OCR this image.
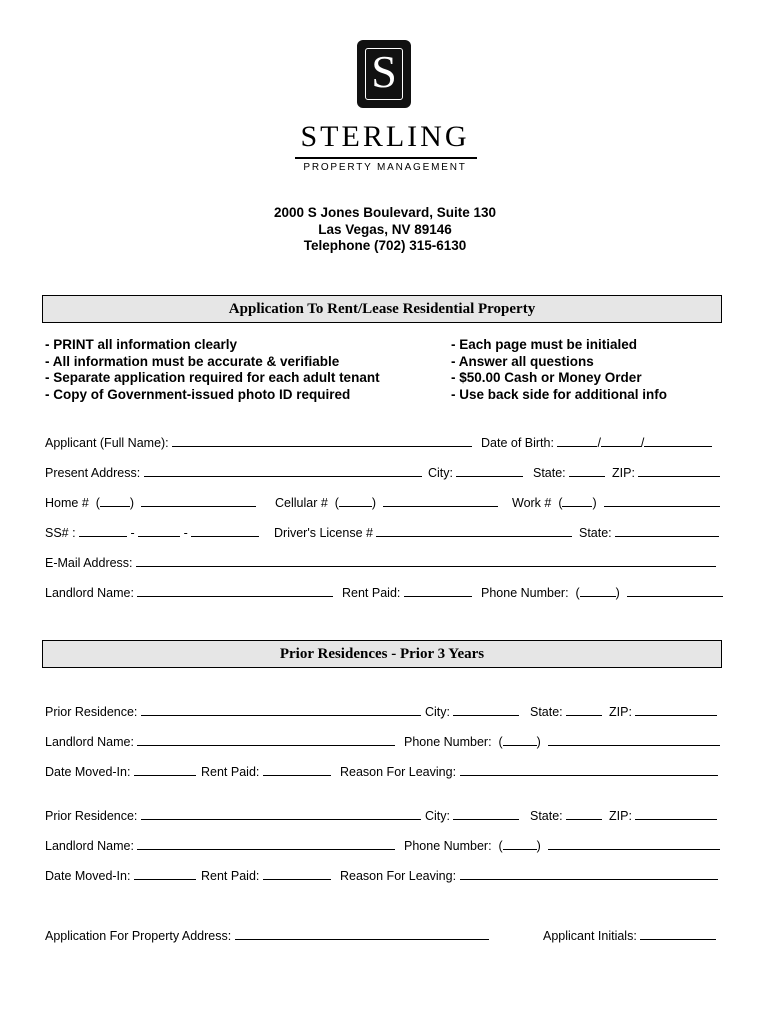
S
STERLING
PROPERTY MANAGEMENT
2000 S Jones Boulevard, Suite 130
Las Vegas, NV 89146
Telephone (702) 315-6130
Application To Rent/Lease Residential Property
- PRINT all information clearly
- All information must be accurate & verifiable
- Separate application required for each adult tenant
- Copy of Government-issued photo ID required
- Each page must be initialed
- Answer all questions
- $50.00 Cash or Money Order
- Use back side for additional info
Applicant (Full Name):	Date of Birth:	/	/
Present Address:	City:	State:	ZIP:
Home #  ( )	Cellular #  (	)	Work #  ( )
SS# :	-	-	Driver's License #	State:
E-Mail Address:
Landlord Name:	Rent Paid:	Phone Number:  (	)
Prior Residences - Prior 3 Years
Prior Residence:	City:	State:	ZIP:
Landlord Name:	Phone Number:  (	)
Date Moved-In:	Rent Paid:	Reason For Leaving:
Prior Residence:	City:	State:	ZIP:
Landlord Name:	Phone Number:  (	)
Date Moved-In:	Rent Paid:	Reason For Leaving:
Application For Property Address:	Applicant Initials:
